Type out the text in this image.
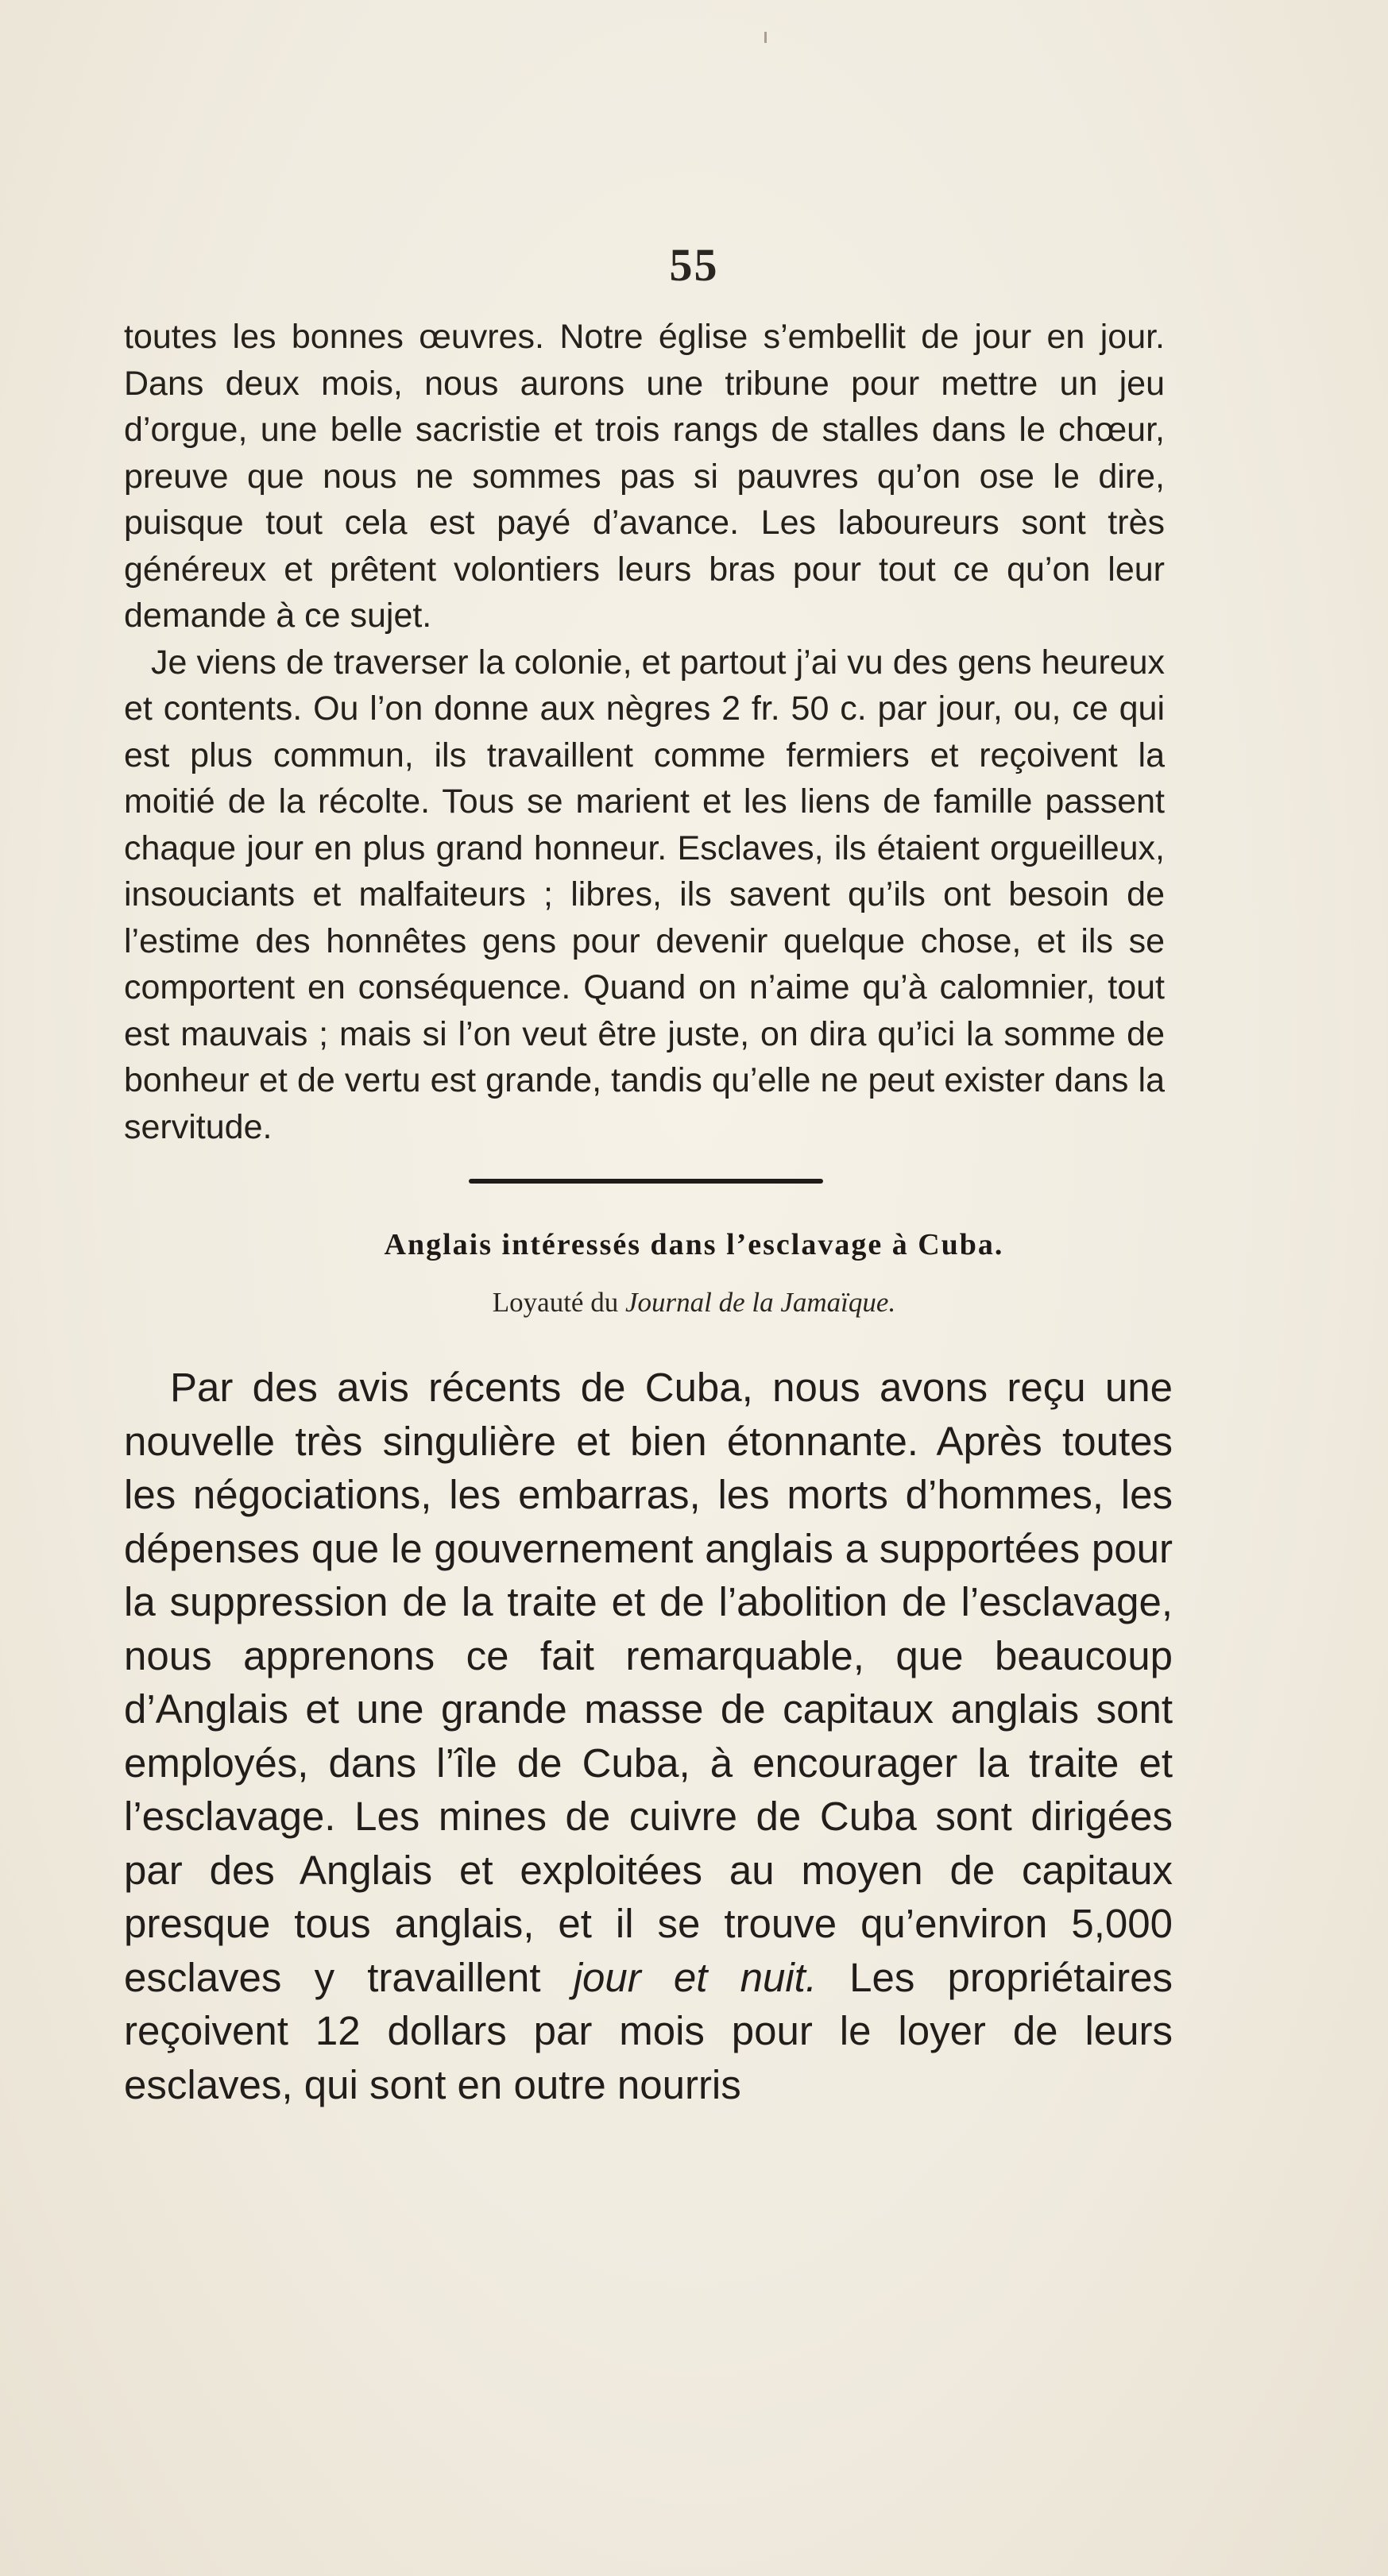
55

toutes les bonnes œuvres. Notre église s’embellit de jour en jour. Dans deux mois, nous aurons une tribune pour mettre un jeu d’orgue, une belle sacristie et trois rangs de stalles dans le chœur, preuve que nous ne sommes pas si pauvres qu’on ose le dire, puisque tout cela est payé d’avance. Les laboureurs sont très généreux et prêtent volontiers leurs bras pour tout ce qu’on leur demande à ce sujet.

Je viens de traverser la colonie, et partout j’ai vu des gens heureux et contents. Ou l’on donne aux nègres 2 fr. 50 c. par jour, ou, ce qui est plus commun, ils travaillent comme fermiers et reçoivent la moitié de la récolte. Tous se marient et les liens de famille passent chaque jour en plus grand honneur. Esclaves, ils étaient orgueilleux, insouciants et malfaiteurs ; libres, ils savent qu’ils ont besoin de l’estime des honnêtes gens pour devenir quelque chose, et ils se comportent en conséquence. Quand on n’aime qu’à calomnier, tout est mauvais ; mais si l’on veut être juste, on dira qu’ici la somme de bonheur et de vertu est grande, tandis qu’elle ne peut exister dans la servitude.

Anglais intéressés dans l’esclavage à Cuba.
Loyauté du Journal de la Jamaïque.

Par des avis récents de Cuba, nous avons reçu une nouvelle très singulière et bien étonnante. Après toutes les négociations, les embarras, les morts d’hommes, les dépenses que le gouvernement anglais a supportées pour la suppression de la traite et de l’abolition de l’esclavage, nous apprenons ce fait remarquable, que beaucoup d’Anglais et une grande masse de capitaux anglais sont employés, dans l’île de Cuba, à encourager la traite et l’esclavage. Les mines de cuivre de Cuba sont dirigées par des Anglais et exploitées au moyen de capitaux presque tous anglais, et il se trouve qu’environ 5,000 esclaves y travaillent jour et nuit. Les propriétaires reçoivent 12 dollars par mois pour le loyer de leurs esclaves, qui sont en outre nourris
